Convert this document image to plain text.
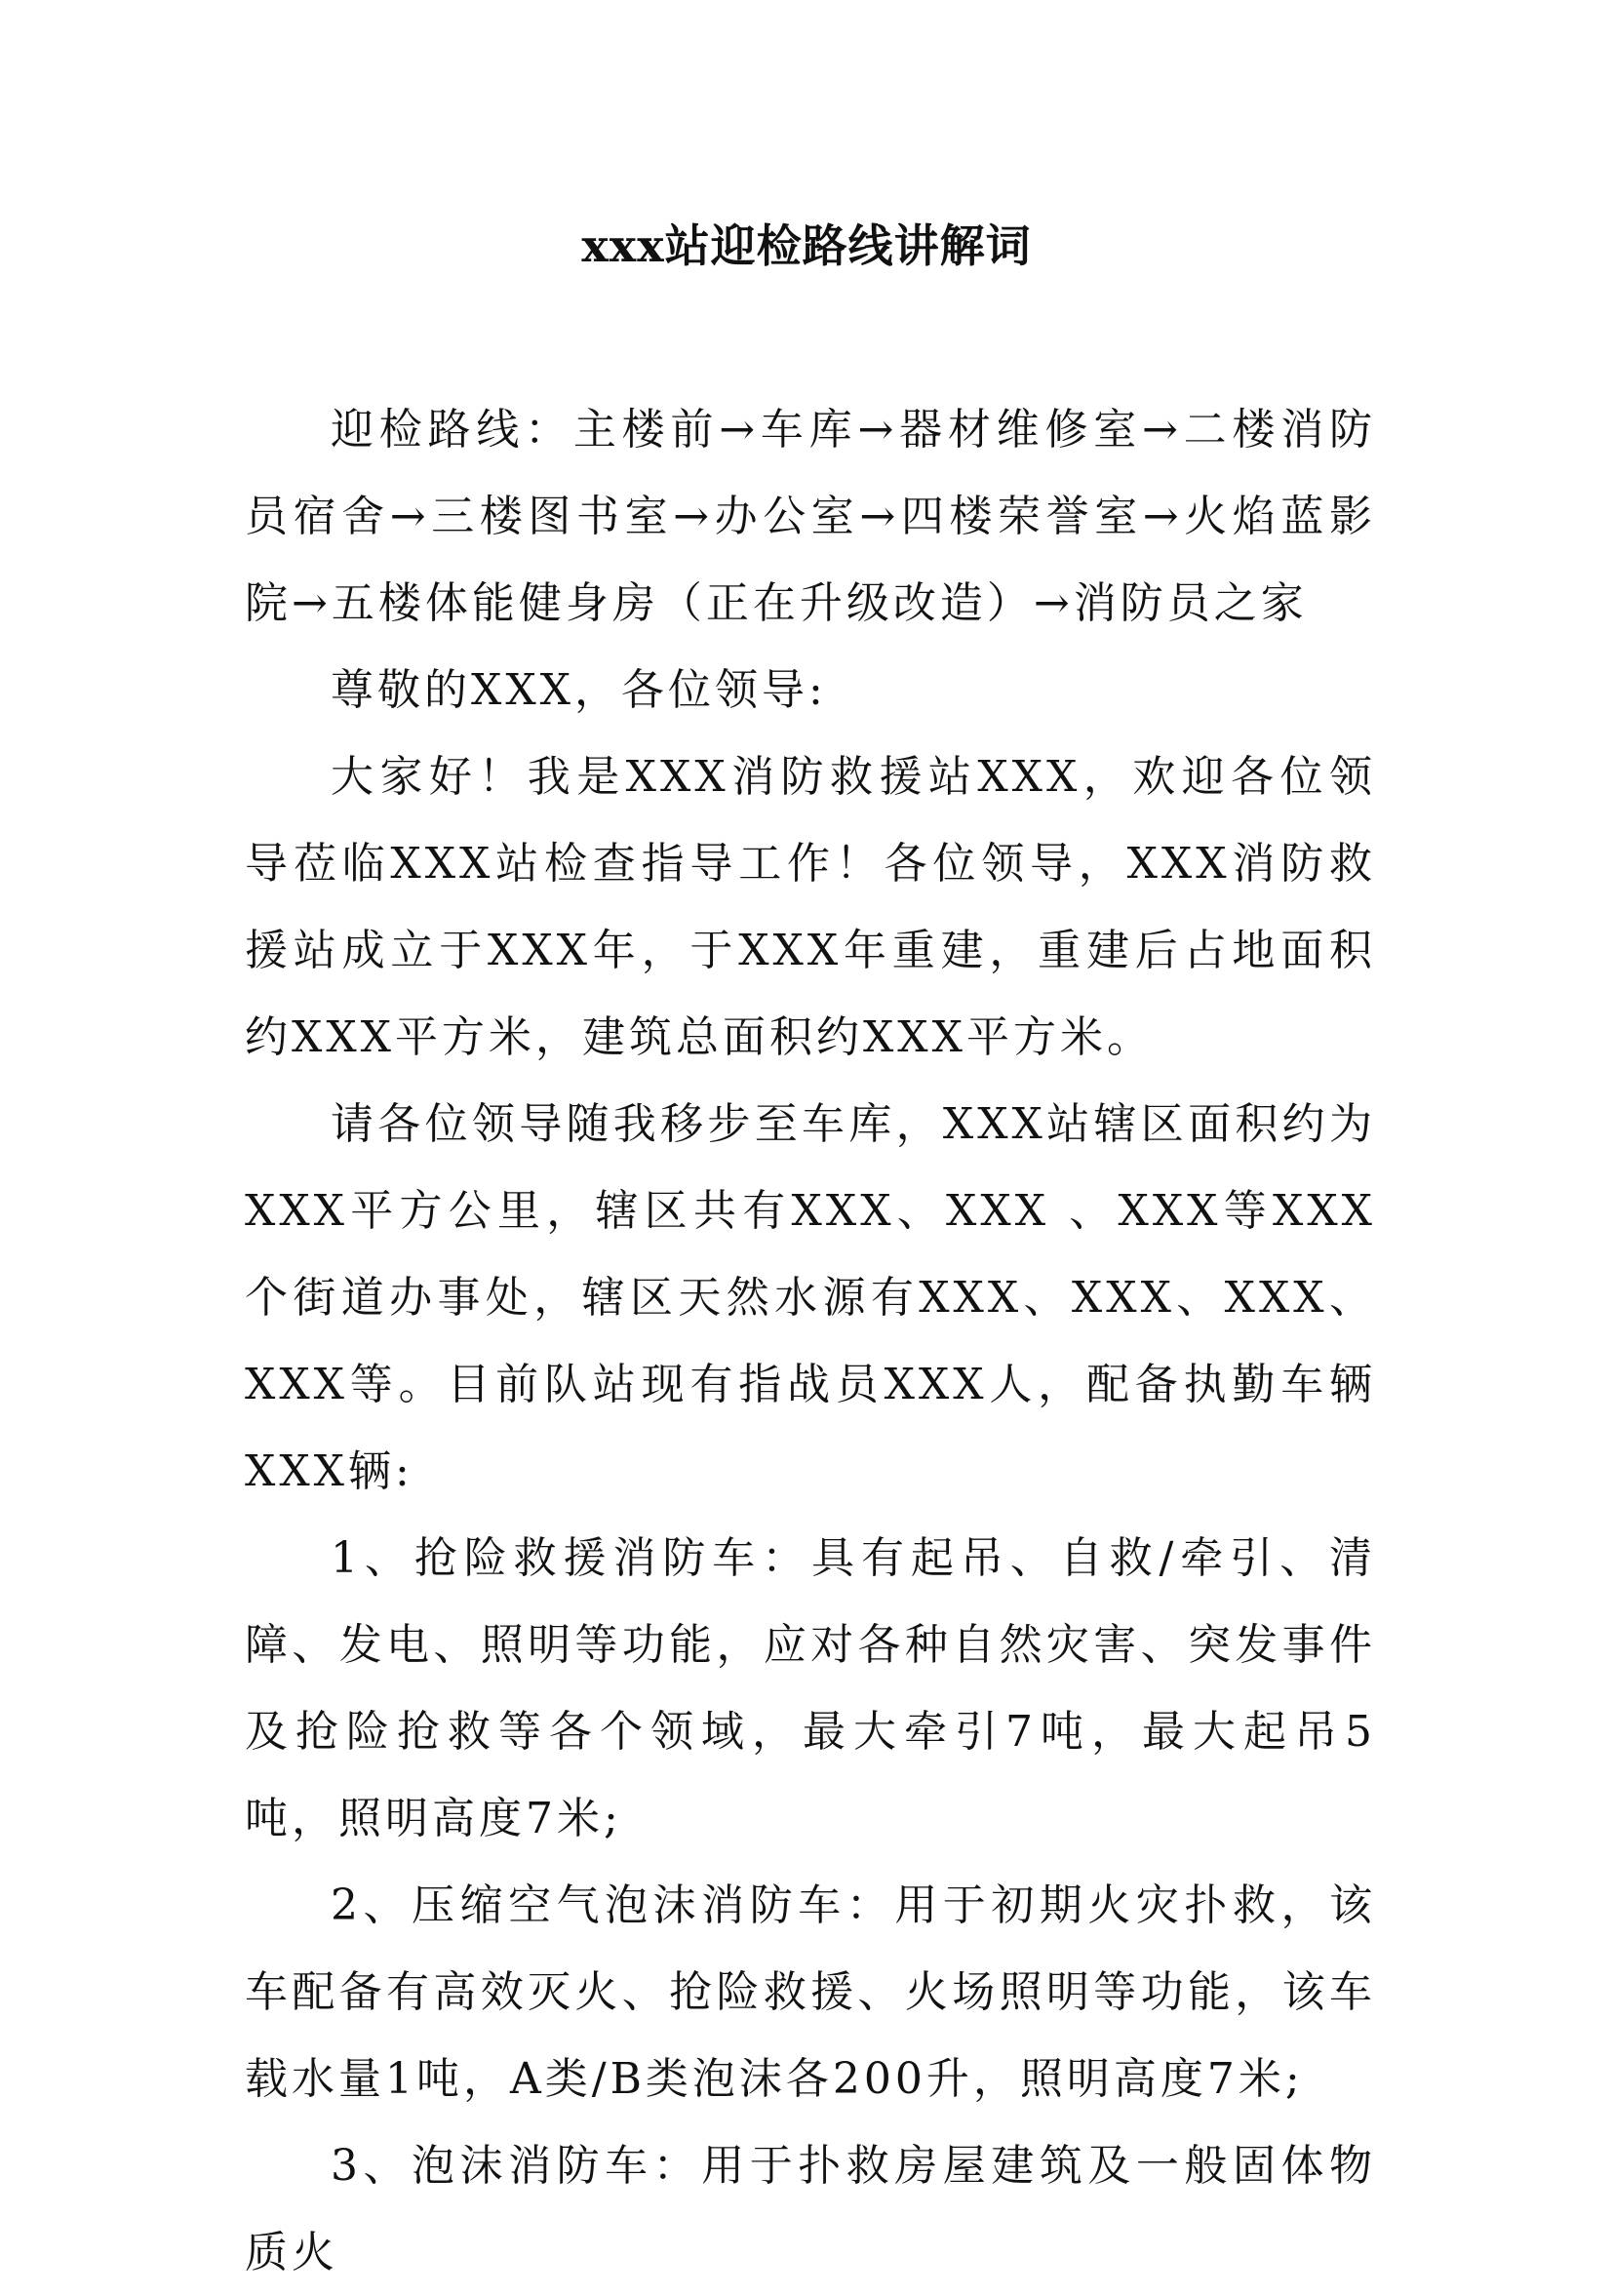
xxx站迎检路线讲解词

迎检路线：主楼前→车库→器材维修室→二楼消防员宿舍→三楼图书室→办公室→四楼荣誉室→火焰蓝影院→五楼体能健身房（正在升级改造）→消防员之家

尊敬的XXX，各位领导:

大家好！我是XXX消防救援站XXX，欢迎各位领导莅临XXX站检查指导工作！各位领导，XXX消防救援站成立于XXX年，于XXX年重建，重建后占地面积约XXX平方米，建筑总面积约XXX平方米。

请各位领导随我移步至车库，XXX站辖区面积约为XXX平方公里，辖区共有XXX、XXX 、XXX等XXX个街道办事处，辖区天然水源有XXX、XXX、XXX、XXX等。目前队站现有指战员XXX人，配备执勤车辆XXX辆:

1、抢险救援消防车：具有起吊、自救/牵引、清障、发电、照明等功能，应对各种自然灾害、突发事件及抢险抢救等各个领域，最大牵引7吨，最大起吊5吨，照明高度7米;

2、压缩空气泡沫消防车：用于初期火灾扑救，该车配备有高效灭火、抢险救援、火场照明等功能，该车载水量1吨，A类/B类泡沫各200升，照明高度7米;

3、泡沫消防车：用于扑救房屋建筑及一般固体物质火
